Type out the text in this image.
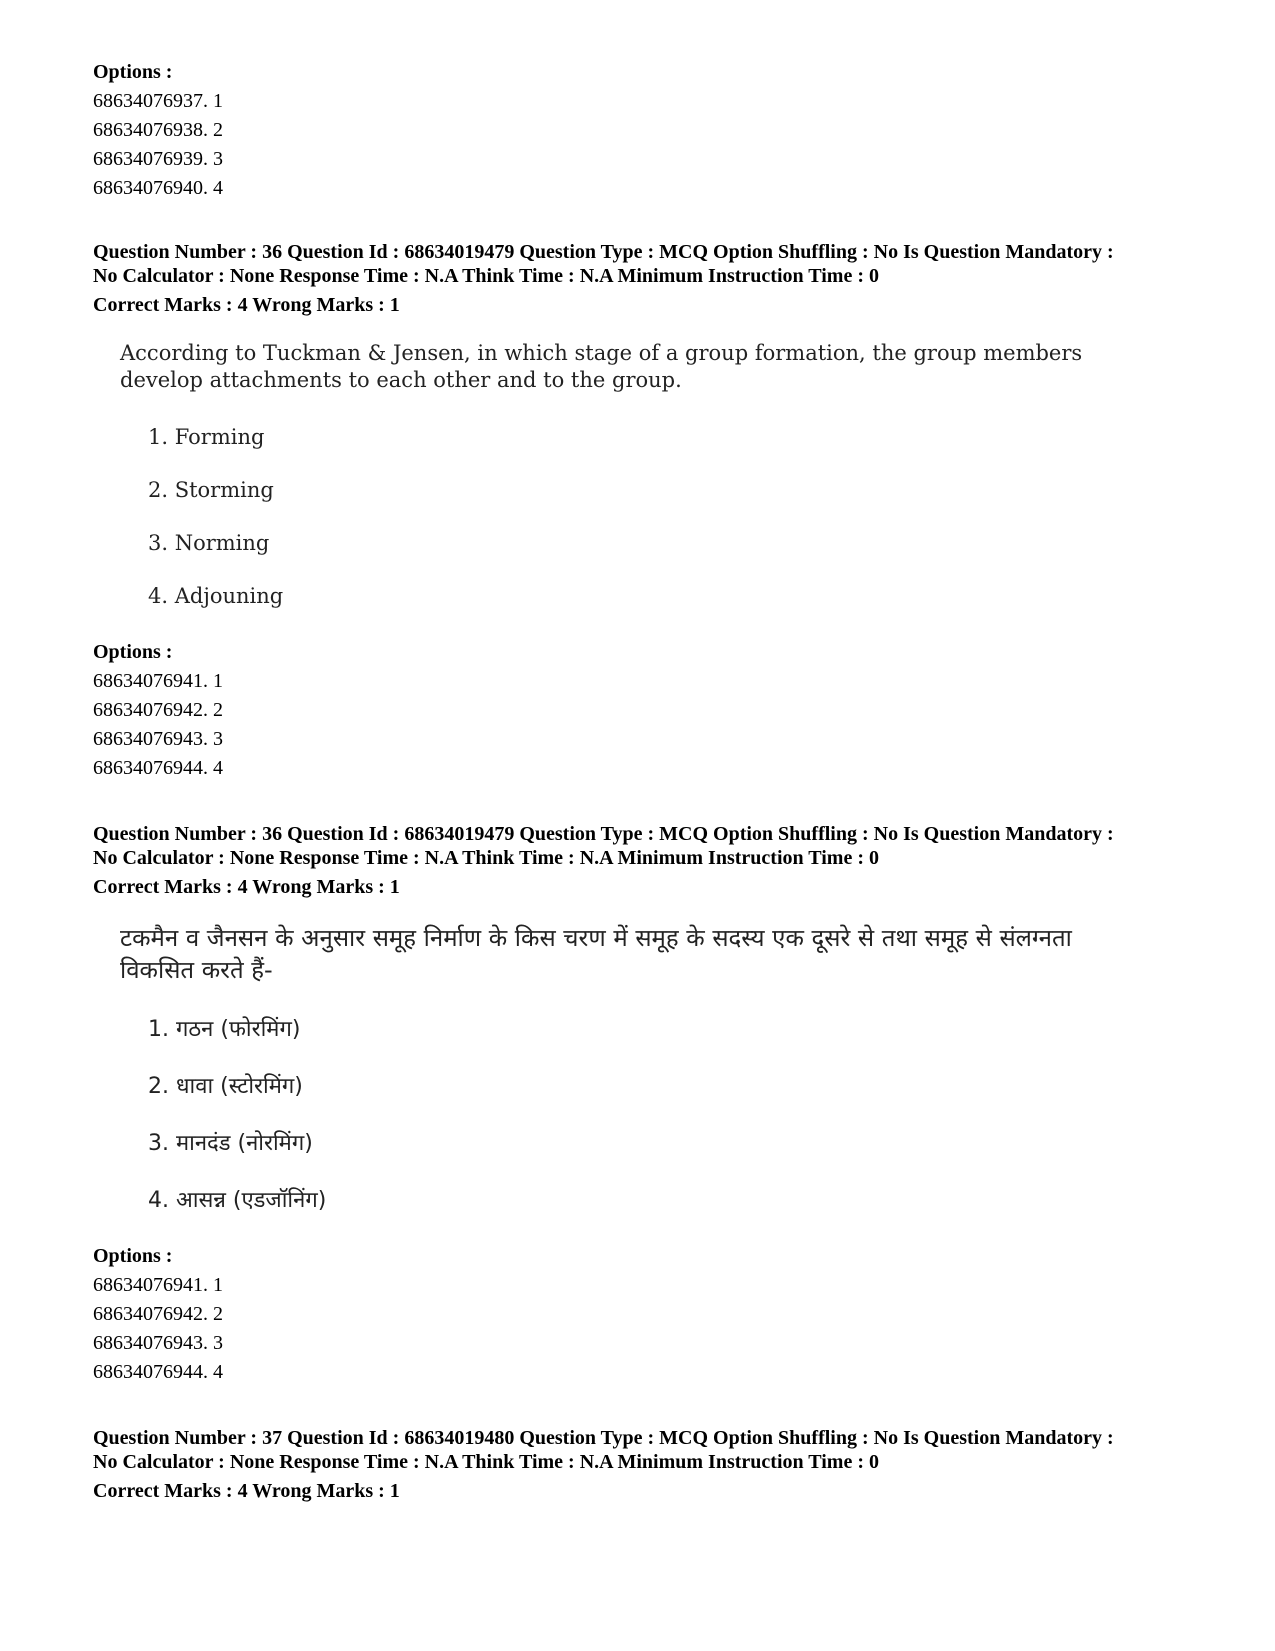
Options :
68634076937. 1
68634076938. 2
68634076939. 3
68634076940. 4
Question Number : 36 Question Id : 68634019479 Question Type : MCQ Option Shuffling : No Is Question Mandatory :
No Calculator : None Response Time : N.A Think Time : N.A Minimum Instruction Time : 0
Correct Marks : 4 Wrong Marks : 1
According to Tuckman & Jensen, in which stage of a group formation, the group members develop attachments to each other and to the group.
1. Forming
2. Storming
3. Norming
4. Adjouning
Options :
68634076941. 1
68634076942. 2
68634076943. 3
68634076944. 4
Question Number : 36 Question Id : 68634019479 Question Type : MCQ Option Shuffling : No Is Question Mandatory :
No Calculator : None Response Time : N.A Think Time : N.A Minimum Instruction Time : 0
Correct Marks : 4 Wrong Marks : 1
टकमैन व जैनसन के अनुसार समूह निर्माण के किस चरण में समूह के सदस्य एक दूसरे से तथा समूह से संलग्नता विकसित करते हैं-
1. गठन (फोरमिंग)
2. धावा (स्टोरमिंग)
3. मानदंड (नोरमिंग)
4. आसन्न (एडजॉनिंग)
Options :
68634076941. 1
68634076942. 2
68634076943. 3
68634076944. 4
Question Number : 37 Question Id : 68634019480 Question Type : MCQ Option Shuffling : No Is Question Mandatory :
No Calculator : None Response Time : N.A Think Time : N.A Minimum Instruction Time : 0
Correct Marks : 4 Wrong Marks : 1
